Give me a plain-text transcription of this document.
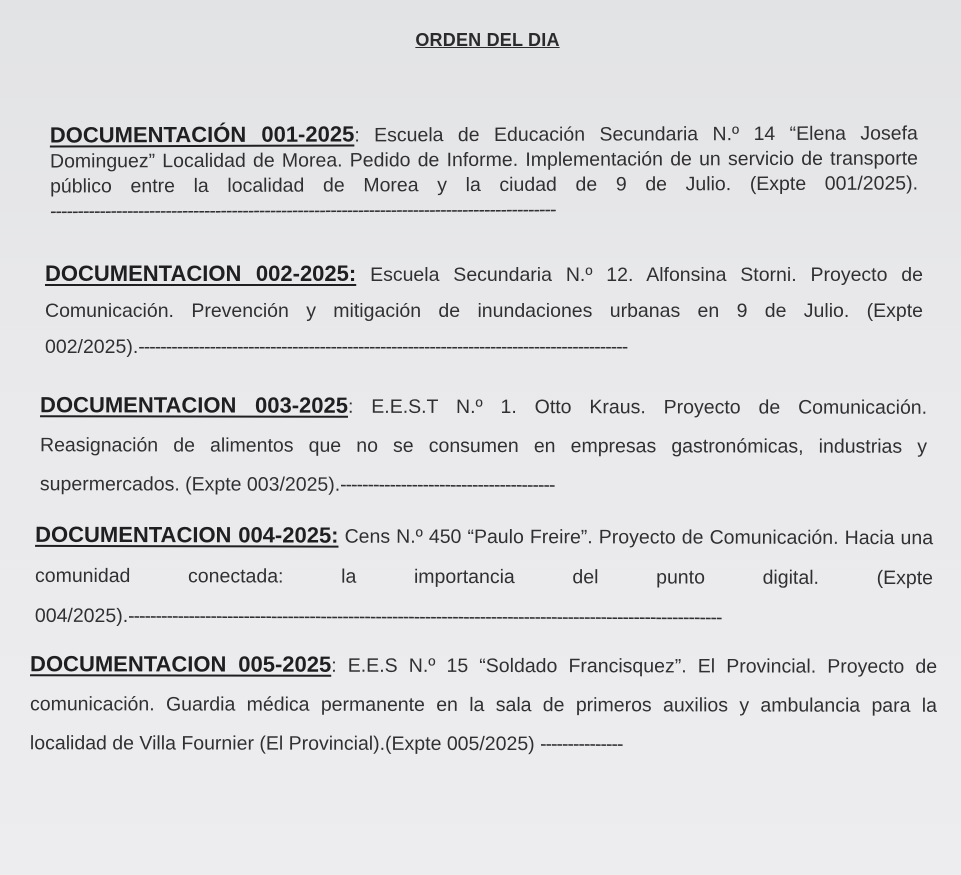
ORDEN DEL DIA

DOCUMENTACIÓN 001-2025: Escuela de Educación Secundaria N.º 14 “Elena Josefa Dominguez” Localidad de Morea. Pedido de Informe. Implementación de un servicio de transporte público entre la localidad de Morea y la ciudad de 9 de Julio. (Expte 001/2025). --------------------------------------------------------------------------------------------

DOCUMENTACION 002-2025: Escuela Secundaria N.º 12. Alfonsina Storni. Proyecto de Comunicación. Prevención y mitigación de inundaciones urbanas en 9 de Julio. (Expte 002/2025).-----------------------------------------------------------------------------------------

DOCUMENTACION 003-2025: E.E.S.T N.º 1. Otto Kraus. Proyecto de Comunicación. Reasignación de alimentos que no se consumen en empresas gastronómicas, industrias y supermercados. (Expte 003/2025).---------------------------------------

DOCUMENTACION 004-2025: Cens N.º 450 “Paulo Freire”. Proyecto de Comunicación. Hacia una comunidad conectada: la importancia del punto digital. (Expte 004/2025).------------------------------------------------------------------------------------------------------------

DOCUMENTACION 005-2025: E.E.S N.º 15 “Soldado Francisquez”. El Provincial. Proyecto de comunicación. Guardia médica permanente en la sala de primeros auxilios y ambulancia para la localidad de Villa Fournier (El Provincial).(Expte 005/2025) ---------------
